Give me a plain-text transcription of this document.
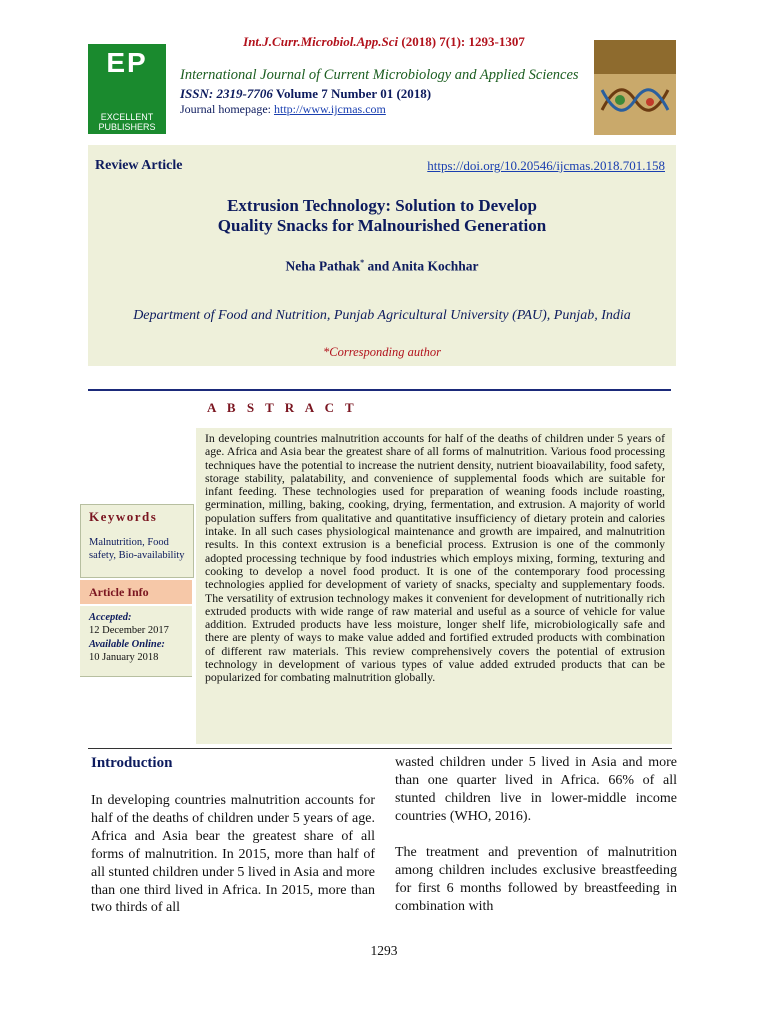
Int.J.Curr.Microbiol.App.Sci (2018) 7(1): 1293-1307
EP
EXCELLENT PUBLISHERS
International Journal of Current Microbiology and Applied Sciences
ISSN: 2319-7706 Volume 7 Number 01 (2018)
Journal homepage: http://www.ijcmas.com
Review Article	https://doi.org/10.20546/ijcmas.2018.701.158
Extrusion Technology: Solution to Develop
Quality Snacks for Malnourished Generation
Neha Pathak* and Anita Kochhar
Department of Food and Nutrition, Punjab Agricultural University (PAU), Punjab, India
*Corresponding author
A B S T R A C T
In developing countries malnutrition accounts for half of the deaths of children under 5 years of age. Africa and Asia bear the greatest share of all forms of malnutrition. Various food processing techniques have the potential to increase the nutrient density, nutrient bioavailability, food safety, storage stability, palatability, and convenience of supplemental foods which are suitable for infant feeding. These technologies used for preparation of weaning foods include roasting, germination, milling, baking, cooking, drying, fermentation, and extrusion. A majority of world population suffers from qualitative and quantitative insufficiency of dietary protein and calories intake. In all such cases physiological maintenance and growth are impaired, and malnutrition results. In this context extrusion is a beneficial process. Extrusion is one of the commonly adopted processing technique by food industries which employs mixing, forming, texturing and cooking to develop a novel food product. It is one of the contemporary food processing technologies applied for development of variety of snacks, specialty and supplementary foods. The versatility of extrusion technology makes it convenient for development of nutritionally rich extruded products with wide range of raw material and useful as a source of vehicle for value addition. Extruded products have less moisture, longer shelf life, microbiologically safe and there are plenty of ways to make value added and fortified extruded products with combination of different raw materials. This review comprehensively covers the potential of extrusion technology in development of various types of value added extruded products that can be popularized for combating malnutrition globally.
Keywords
Malnutrition, Food safety, Bio-availability
Article Info
Accepted:
12 December 2017
Available Online:
10 January 2018
Introduction
In developing countries malnutrition accounts for half of the deaths of children under 5 years of age. Africa and Asia bear the greatest share of all forms of malnutrition. In 2015, more than half of all stunted children under 5 lived in Asia and more than one third lived in Africa. In 2015, more than two thirds of all
wasted children under 5 lived in Asia and more than one quarter lived in Africa. 66% of all stunted children live in lower-middle income countries (WHO, 2016).
The treatment and prevention of malnutrition among children includes exclusive breastfeeding for first 6 months followed by breastfeeding in combination with
1293
